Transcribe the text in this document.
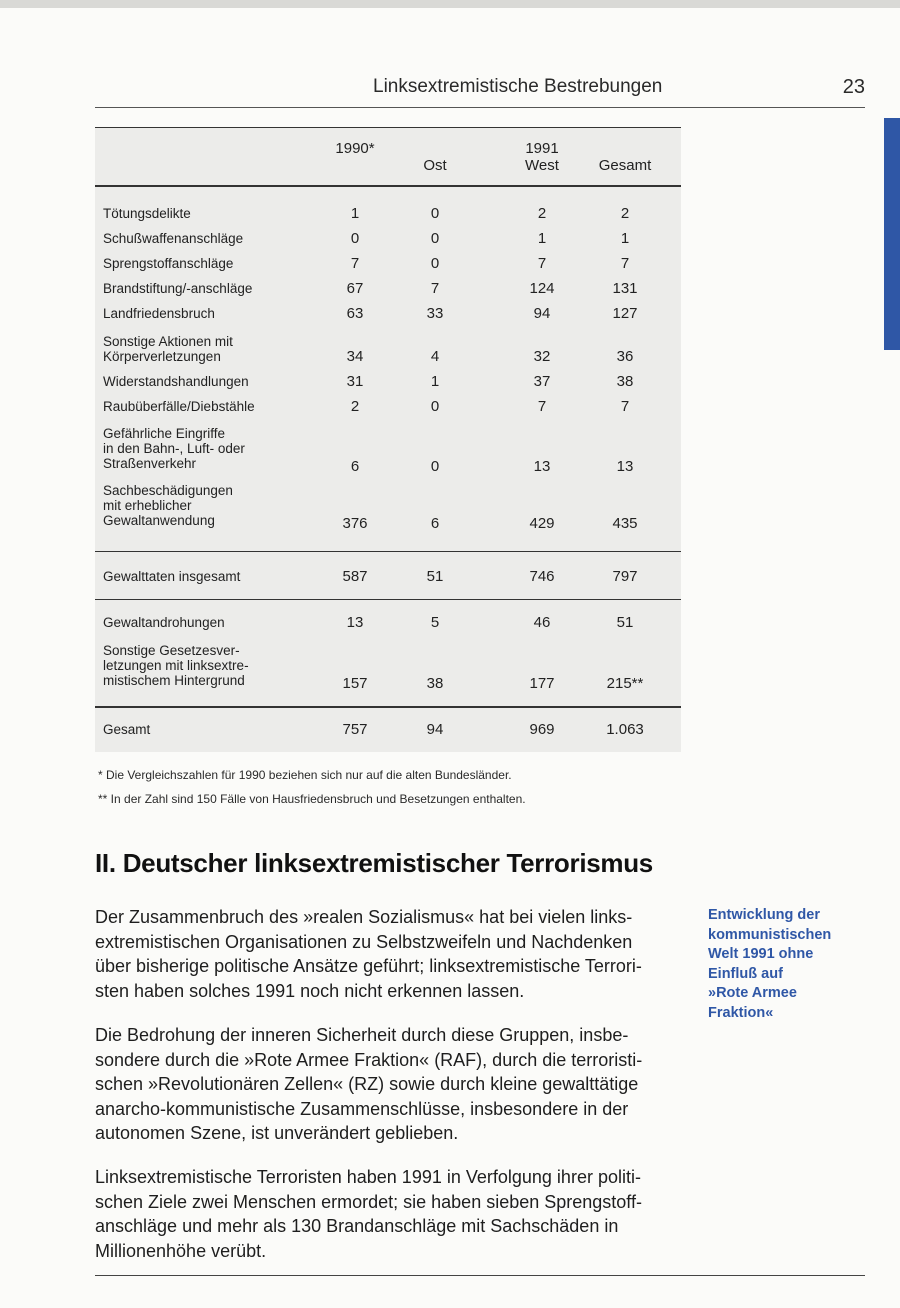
Linksextremistische Bestrebungen	23
1990*	1991
Ost	West	Gesamt
Tötungsdelikte	1	0	2	2
Schußwaffenanschläge	0	0	1	1
Sprengstoffanschläge	7	0	7	7
Brandstiftung/-anschläge	67	7	124	131
Landfriedensbruch	63	33	94	127
Sonstige Aktionen mit
Körperverletzungen	34	4	32	36
Widerstandshandlungen	31	1	37	38
Raubüberfälle/Diebstähle	2	0	7	7
Gefährliche Eingriffe
in den Bahn-, Luft- oder
Straßenverkehr	6	0	13	13
Sachbeschädigungen
mit erheblicher
Gewaltanwendung	376	6	429	435
Gewalttaten insgesamt	587	51	746	797
Gewaltandrohungen	13	5	46	51
Sonstige Gesetzesver-
letzungen mit linksextre-
mistischem Hintergrund	157	38	177	215**
Gesamt	757	94	969	1.063
* Die Vergleichszahlen für 1990 beziehen sich nur auf die alten Bundesländer.
** In der Zahl sind 150 Fälle von Hausfriedensbruch und Besetzungen enthalten.
II. Deutscher linksextremistischer Terrorismus
Der Zusammenbruch des »realen Sozialismus« hat bei vielen links-
extremistischen Organisationen zu Selbstzweifeln und Nachdenken
über bisherige politische Ansätze geführt; linksextremistische Terrori-
sten haben solches 1991 noch nicht erkennen lassen.
Die Bedrohung der inneren Sicherheit durch diese Gruppen, insbe-
sondere durch die »Rote Armee Fraktion« (RAF), durch die terroristi-
schen »Revolutionären Zellen« (RZ) sowie durch kleine gewalttätige
anarcho-kommunistische Zusammenschlüsse, insbesondere in der
autonomen Szene, ist unverändert geblieben.
Linksextremistische Terroristen haben 1991 in Verfolgung ihrer politi-
schen Ziele zwei Menschen ermordet; sie haben sieben Sprengstoff-
anschläge und mehr als 130 Brandanschläge mit Sachschäden in
Millionenhöhe verübt.
Entwicklung der
kommunistischen
Welt 1991 ohne
Einfluß auf
»Rote Armee
Fraktion«
